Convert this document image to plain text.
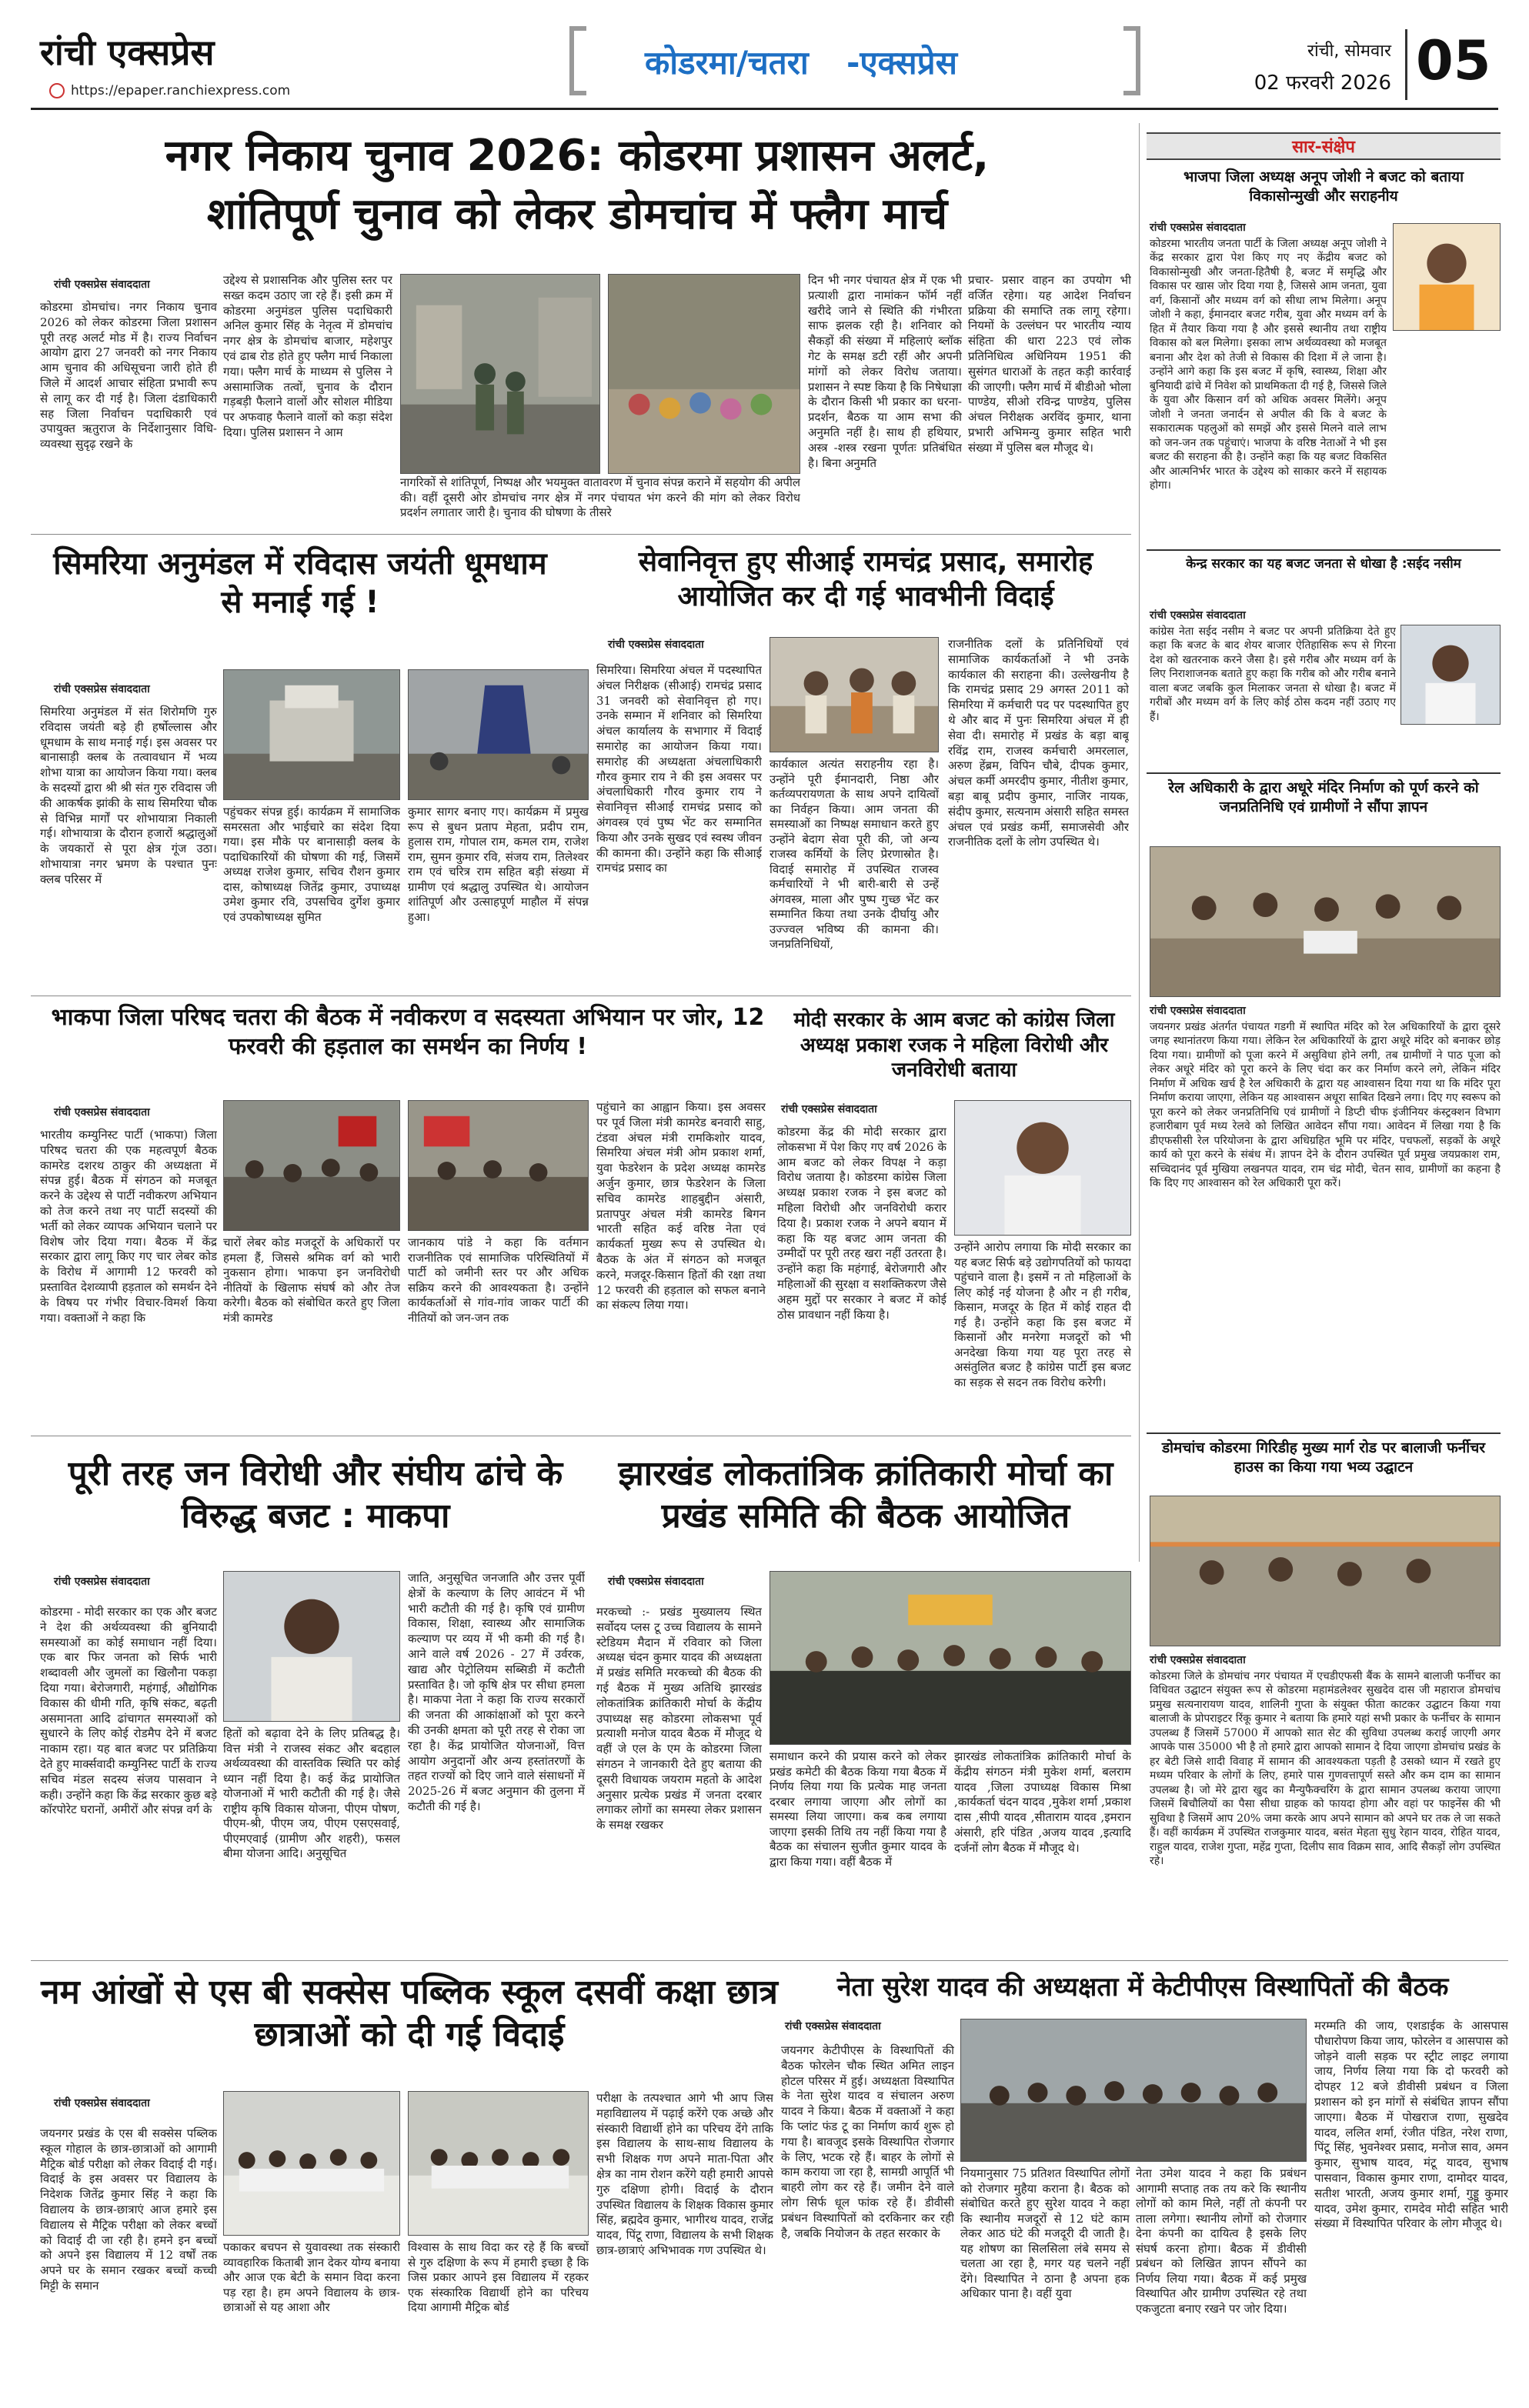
रांची एक्सप्रेस
https://epaper.ranchiexpress.com
कोडरमा/चतरा -एक्सप्रेस	रांची, सोमवार
02 फरवरी 2026 05
नगर निकाय चुनाव 2026: कोडरमा प्रशासन अलर्ट,
शांतिपूर्ण चुनाव को लेकर डोमचांच में फ्लैग मार्च
रांची एक्सप्रेस संवाददाता
कोडरमा डोमचांच। नगर निकाय चुनाव 2026 को लेकर कोडरमा जिला प्रशासन पूरी तरह अलर्ट मोड में है। राज्य निर्वाचन आयोग द्वारा 27 जनवरी को नगर निकाय आम चुनाव की अधिसूचना जारी होते ही जिले में आदर्श आचार संहिता प्रभावी रूप से लागू कर दी गई है। जिला दंडाधिकारी सह जिला निर्वाचन पदाधिकारी एवं उपायुक्त ऋतुराज के निर्देशानुसार विधि- व्यवस्था सुदृढ़ रखने के
उद्देश्य से प्रशासनिक और पुलिस स्तर पर सख्त कदम उठाए जा रहे हैं। इसी क्रम में कोडरमा अनुमंडल पुलिस पदाधिकारी अनिल कुमार सिंह के नेतृत्व में डोमचांच नगर क्षेत्र के डोमचांच बाजार, महेशपुर एवं ढाब रोड होते हुए फ्लैग मार्च निकाला गया। फ्लैग मार्च के माध्यम से पुलिस ने असामाजिक तत्वों, चुनाव के दौरान गड़बड़ी फैलाने वालों और सोशल मीडिया पर अफवाह फैलाने वालों को कड़ा संदेश दिया। पुलिस प्रशासन ने आम
नागरिकों से शांतिपूर्ण, निष्पक्ष और भयमुक्त वातावरण में चुनाव संपन्न कराने में सहयोग की अपील की। वहीं दूसरी ओर डोमचांच नगर क्षेत्र में नगर पंचायत भंग करने की मांग को लेकर विरोध प्रदर्शन लगातार जारी है। चुनाव की घोषणा के तीसरे
दिन भी नगर पंचायत क्षेत्र में एक भी प्रत्याशी द्वारा नामांकन फॉर्म नहीं खरीदे जाने से स्थिति की गंभीरता साफ झलक रही है। शनिवार को सैकड़ों की संख्या में महिलाएं ब्लॉक गेट के समक्ष डटी रहीं और अपनी मांगों को लेकर विरोध जताया। प्रशासन ने स्पष्ट किया है कि निषेधाज्ञा के दौरान किसी भी प्रकार का धरना-प्रदर्शन, बैठक या आम सभा की अनुमति नहीं है। साथ ही हथियार, अस्त्र -शस्त्र रखना पूर्णतः प्रतिबंधित है। बिना अनुमति
प्रचार- प्रसार वाहन का उपयोग भी वर्जित रहेगा। यह आदेश निर्वाचन प्रक्रिया की समाप्ति तक लागू रहेगा। नियमों के उल्लंघन पर भारतीय न्याय संहिता की धारा 223 एवं लोक प्रतिनिधित्व अधिनियम 1951 की सुसंगत धाराओं के तहत कड़ी कार्रवाई की जाएगी। फ्लैग मार्च में बीडीओ भोला पाण्डेय, सीओ रविन्द्र पाण्डेय, पुलिस अंचल निरीक्षक अरविंद कुमार, थाना प्रभारी अभिमन्यु कुमार सहित भारी संख्या में पुलिस बल मौजूद थे।
सिमरिया अनुमंडल में रविदास जयंती धूमधाम से मनाई गई !
रांची एक्सप्रेस संवाददाता
सिमरिया अनुमंडल में संत शिरोमणि गुरु रविदास जयंती बड़े ही हर्षोल्लास और धूमधाम के साथ मनाई गई। इस अवसर पर बानासाड़ी क्लब के तत्वावधान में भव्य शोभा यात्रा का आयोजन किया गया। क्लब के सदस्यों द्वारा श्री श्री संत गुरु रविदास जी की आकर्षक झांकी के साथ सिमरिया चौक से विभिन्न मार्गों पर शोभायात्रा निकाली गई। शोभायात्रा के दौरान हजारों श्रद्धालुओं के जयकारों से पूरा क्षेत्र गूंज उठा। शोभायात्रा नगर भ्रमण के पश्चात पुनः क्लब परिसर में
पहुंचकर संपन्न हुई। कार्यक्रम में सामाजिक समरसता और भाईचारे का संदेश दिया गया। इस मौके पर बानासाड़ी क्लब के पदाधिकारियों की घोषणा की गई, जिसमें अध्यक्ष राजेश कुमार, सचिव रौशन कुमार दास, कोषाध्यक्ष जितेंद्र कुमार, उपाध्यक्ष उमेश कुमार रवि, उपसचिव दुर्गेश कुमार एवं उपकोषाध्यक्ष सुमित
कुमार सागर बनाए गए। कार्यक्रम में प्रमुख रूप से बुधन प्रताप मेहता, प्रदीप राम, हुलास राम, गोपाल राम, कमल राम, राजेश राम, सुमन कुमार रवि, संजय राम, तिलेश्वर राम एवं चरित्र राम सहित बड़ी संख्या में ग्रामीण एवं श्रद्धालु उपस्थित थे। आयोजन शांतिपूर्ण और उत्साहपूर्ण माहौल में संपन्न हुआ।
सेवानिवृत्त हुए सीआई रामचंद्र प्रसाद, समारोह आयोजित कर दी गई भावभीनी विदाई
रांची एक्सप्रेस संवाददाता
सिमरिया। सिमरिया अंचल में पदस्थापित अंचल निरीक्षक (सीआई) रामचंद्र प्रसाद 31 जनवरी को सेवानिवृत्त हो गए। उनके सम्मान में शनिवार को सिमरिया अंचल कार्यालय के सभागार में विदाई समारोह का आयोजन किया गया। समारोह की अध्यक्षता अंचलाधिकारी गौरव कुमार राय ने की इस अवसर पर अंचलाधिकारी गौरव कुमार राय ने सेवानिवृत्त सीआई रामचंद्र प्रसाद को अंगवस्त्र एवं पुष्प भेंट कर सम्मानित किया और उनके सुखद एवं स्वस्थ जीवन की कामना की। उन्होंने कहा कि सीआई रामचंद्र प्रसाद का
कार्यकाल अत्यंत सराहनीय रहा है। उन्होंने पूरी ईमानदारी, निष्ठा और कर्तव्यपरायणता के साथ अपने दायित्वों का निर्वहन किया। आम जनता की समस्याओं का निष्पक्ष समाधान करते हुए उन्होंने बेदाग सेवा पूरी की, जो अन्य राजस्व कर्मियों के लिए प्रेरणास्रोत है। विदाई समारोह में उपस्थित राजस्व कर्मचारियों ने भी बारी-बारी से उन्हें अंगवस्त्र, माला और पुष्प गुच्छ भेंट कर सम्मानित किया तथा उनके दीर्घायु और उज्ज्वल भविष्य की कामना की। जनप्रतिनिधियों,
राजनीतिक दलों के प्रतिनिधियों एवं सामाजिक कार्यकर्ताओं ने भी उनके कार्यकाल की सराहना की। उल्लेखनीय है कि रामचंद्र प्रसाद 29 अगस्त 2011 को सिमरिया में कर्मचारी पद पर पदस्थापित हुए थे और बाद में पुनः सिमरिया अंचल में ही सेवा दी। समारोह में प्रखंड के बड़ा बाबू रविंद्र राम, राजस्व कर्मचारी अमरलाल, अरुण हेंब्रम, विपिन चौबे, दीपक कुमार, अंचल कर्मी अमरदीप कुमार, नीतीश कुमार, बड़ा बाबू प्रदीप कुमार, नाजिर नायक, संदीप कुमार, सत्यनाम अंसारी सहित समस्त अंचल एवं प्रखंड कर्मी, समाजसेवी और राजनीतिक दलों के लोग उपस्थित थे।
भाकपा जिला परिषद चतरा की बैठक में नवीकरण व सदस्यता अभियान पर जोर, 12 फरवरी की हड़ताल का समर्थन का निर्णय !
रांची एक्सप्रेस संवाददाता
भारतीय कम्युनिस्ट पार्टी (भाकपा) जिला परिषद चतरा की एक महत्वपूर्ण बैठक कामरेड दशरथ ठाकुर की अध्यक्षता में संपन्न हुई। बैठक में संगठन को मजबूत करने के उद्देश्य से पार्टी नवीकरण अभियान को तेज करने तथा नए पार्टी सदस्यों की भर्ती को लेकर व्यापक अभियान चलाने पर विशेष जोर दिया गया। बैठक में केंद्र सरकार द्वारा लागू किए गए चार लेबर कोड के विरोध में आगामी 12 फरवरी को प्रस्तावित देशव्यापी हड़ताल को समर्थन देने के विषय पर गंभीर विचार-विमर्श किया गया। वक्ताओं ने कहा कि
चारों लेबर कोड मजदूरों के अधिकारों पर हमला हैं, जिससे श्रमिक वर्ग को भारी नुकसान होगा। भाकपा इन जनविरोधी नीतियों के खिलाफ संघर्ष को और तेज करेगी। बैठक को संबोधित करते हुए जिला मंत्री कामरेड
जानकाय पांडे ने कहा कि वर्तमान राजनीतिक एवं सामाजिक परिस्थितियों में पार्टी को जमीनी स्तर पर और अधिक सक्रिय करने की आवश्यकता है। उन्होंने कार्यकर्ताओं से गांव-गांव जाकर पार्टी की नीतियों को जन-जन तक
पहुंचाने का आह्वान किया। इस अवसर पर पूर्व जिला मंत्री कामरेड बनवारी साहु, टंडवा अंचल मंत्री रामकिशोर यादव, सिमरिया अंचल मंत्री ओम प्रकाश शर्मा, युवा फेडरेशन के प्रदेश अध्यक्ष कामरेड अर्जुन कुमार, छात्र फेडरेशन के जिला सचिव कामरेड शाहबुद्दीन अंसारी, प्रतापपुर अंचल मंत्री कामरेड बिगन भारती सहित कई वरिष्ठ नेता एवं कार्यकर्ता मुख्य रूप से उपस्थित थे। बैठक के अंत में संगठन को मजबूत करने, मजदूर-किसान हितों की रक्षा तथा 12 फरवरी की हड़ताल को सफल बनाने का संकल्प लिया गया।
मोदी सरकार के आम बजट को कांग्रेस जिला अध्यक्ष प्रकाश रजक ने महिला विरोधी और जनविरोधी बताया
रांची एक्सप्रेस संवाददाता
कोडरमा केंद्र की मोदी सरकार द्वारा लोकसभा में पेश किए गए वर्ष 2026 के आम बजट को लेकर विपक्ष ने कड़ा विरोध जताया है। कोडरमा कांग्रेस जिला अध्यक्ष प्रकाश रजक ने इस बजट को महिला विरोधी और जनविरोधी करार दिया है। प्रकाश रजक ने अपने बयान में कहा कि यह बजट आम जनता की उम्मीदों पर पूरी तरह खरा नहीं उतरता है। उन्होंने कहा कि महंगाई, बेरोजगारी और महिलाओं की सुरक्षा व सशक्तिकरण जैसे अहम मुद्दों पर सरकार ने बजट में कोई ठोस प्रावधान नहीं किया है।
उन्होंने आरोप लगाया कि मोदी सरकार का यह बजट सिर्फ बड़े उद्योगपतियों को फायदा पहुंचाने वाला है। इसमें न तो महिलाओं के लिए कोई नई योजना है और न ही गरीब, किसान, मजदूर के हित में कोई राहत दी गई है। उन्होंने कहा कि इस बजट में किसानों और मनरेगा मजदूरों को भी अनदेखा किया गया यह पूरा तरह से असंतुलित बजट है कांग्रेस पार्टी इस बजट का सड़क से सदन तक विरोध करेगी।
सार-संक्षेप
भाजपा जिला अध्यक्ष अनूप जोशी ने बजट को बताया विकासोन्मुखी और सराहनीय
रांची एक्सप्रेस संवाददाता
कोडरमा भारतीय जनता पार्टी के जिला अध्यक्ष अनूप जोशी ने केंद्र सरकार द्वारा पेश किए गए नए केंद्रीय बजट को विकासोन्मुखी और जनता-हितैषी है, बजट में समृद्धि और विकास पर खास जोर दिया गया है, जिससे आम जनता, युवा वर्ग, किसानों और मध्यम वर्ग को सीधा लाभ मिलेगा। अनूप जोशी ने कहा, ईमानदार बजट गरीब, युवा और मध्यम वर्ग के हित में तैयार किया गया है और इससे स्थानीय तथा राष्ट्रीय विकास को बल मिलेगा। इसका लाभ अर्थव्यवस्था को मजबूत बनाना और देश को तेजी से विकास की दिशा में ले जाना है। उन्होंने आगे कहा कि इस बजट में कृषि, स्वास्थ्य, शिक्षा और बुनियादी ढांचे में निवेश को प्राथमिकता दी गई है, जिससे जिले के युवा और किसान वर्ग को अधिक अवसर मिलेंगे। अनूप जोशी ने जनता जनार्दन से अपील की कि वे बजट के सकारात्मक पहलुओं को समझें और इससे मिलने वाले लाभ को जन-जन तक पहुंचाएं। भाजपा के वरिष्ठ नेताओं ने भी इस बजट की सराहना की है। उन्होंने कहा कि यह बजट विकसित और आत्मनिर्भर भारत के उद्देश्य को साकार करने में सहायक होगा।
केन्द्र सरकार का यह बजट जनता से धोखा है :सईद नसीम
रांची एक्सप्रेस संवाददाता
कांग्रेस नेता सईद नसीम ने बजट पर अपनी प्रतिक्रिया देते हुए कहा कि बजट के बाद शेयर बाजार ऐतिहासिक रूप से गिरना देश को खतरनाक करने जैसा है। इसे गरीब और मध्यम वर्ग के लिए निराशाजनक बताते हुए कहा कि गरीब को और गरीब बनाने वाला बजट जबकि कुल मिलाकर जनता से धोखा है। बजट में गरीबों और मध्यम वर्ग के लिए कोई ठोस कदम नहीं उठाए गए हैं।
रेल अधिकारी के द्वारा अधूरे मंदिर निर्माण को पूर्ण करने को जनप्रतिनिधि एवं ग्रामीणों ने सौंपा ज्ञापन
रांची एक्सप्रेस संवाददाता
जयनगर प्रखंड अंतर्गत पंचायत गडगी में स्थापित मंदिर को रेल अधिकारियों के द्वारा दूसरे जगह स्थानांतरण किया गया। लेकिन रेल अधिकारियों के द्वारा अधूरे मंदिर को बनाकर छोड़ दिया गया। ग्रामीणों को पूजा करने में असुविधा होने लगी, तब ग्रामीणों ने पाठ पूजा को लेकर अधूरे मंदिर को पूरा करने के लिए चंदा कर कर निर्माण करने लगे, लेकिन मंदिर निर्माण में अधिक खर्च है रेल अधिकारी के द्वारा यह आश्वासन दिया गया था कि मंदिर पूरा निर्माण कराया जाएगा, लेकिन यह आश्वासन अधूरा साबित दिखने लगा। दिए गए स्वरूप को पूरा करने को लेकर जनप्रतिनिधि एवं ग्रामीणों ने डिप्टी चीफ इंजीनियर कंस्ट्रक्शन विभाग हजारीबाग पूर्व मध्य रेलवे को लिखित आवेदन सौंपा गया। आवेदन में लिखा गया है कि डीएफसीसी रेल परियोजना के द्वारा अधिग्रहित भूमि पर मंदिर, पचफलों, सड़कों के अधूरे कार्य को पूरा करने के संबंध में। ज्ञापन देने के दौरान उपस्थित पूर्व प्रमुख जयप्रकाश राम, सच्चिदानंद पूर्व मुखिया लखनपत यादव, राम चंद्र मोदी, चेतन साव, ग्रामीणों का कहना है कि दिए गए आश्वासन को रेल अधिकारी पूरा करें।
डोमचांच कोडरमा गिरिडीह मुख्य मार्ग रोड पर बालाजी फर्नीचर हाउस का किया गया भव्य उद्घाटन
रांची एक्सप्रेस संवाददाता
कोडरमा जिले के डोमचांच नगर पंचायत में एचडीएफसी बैंक के सामने बालाजी फर्नीचर का विधिवत उद्घाटन संयुक्त रूप से कोडरमा महामंडलेश्वर सुखदेव दास जी महाराज डोमचांच प्रमुख सत्यनारायण यादव, शालिनी गुप्ता के संयुक्त फीता काटकर उद्घाटन किया गया बालाजी के प्रोपराइटर रिंकू कुमार ने बताया कि हमारे यहां सभी प्रकार के फर्नीचर के सामान उपलब्ध हैं जिसमें 57000 में आपको सात सेट की सुविधा उपलब्ध कराई जाएगी अगर आपके पास 35000 भी है तो हमारे द्वारा आपको सामान दे दिया जाएगा डोमचांच प्रखंड के हर बेटी जिसे शादी विवाह में सामान की आवश्यकता पड़ती है उसको ध्यान में रखते हुए मध्यम परिवार के लोगों के लिए, हमारे पास गुणवत्तापूर्ण सस्ते और कम दाम का सामान उपलब्ध है। जो मेरे द्वारा खुद का मैन्युफैक्चरिंग के द्वारा सामान उपलब्ध कराया जाएगा जिसमें बिचौलियों का पैसा सीधा ग्राहक को फायदा होगा और वहां पर फाइनेंस की भी सुविधा है जिसमें आप 20% जमा करके आप अपने सामान को अपने घर तक ले जा सकते हैं। वहीं कार्यक्रम में उपस्थित राजकुमार यादव, बसंत मेहता सुधु रेहान यादव, रोहित यादव, राहुल यादव, राजेश गुप्ता, महेंद्र गुप्ता, दिलीप साव विक्रम साव, आदि सैकड़ों लोग उपस्थित रहे।
पूरी तरह जन विरोधी और संघीय ढांचे के विरुद्ध बजट : माकपा
रांची एक्सप्रेस संवाददाता
कोडरमा - मोदी सरकार का एक और बजट ने देश की अर्थव्यवस्था की बुनियादी समस्याओं का कोई समाधान नहीं दिया। एक बार फिर जनता को सिर्फ भारी शब्दावली और जुमलों का खिलौना पकड़ा दिया गया। बेरोजगारी, महंगाई, औद्योगिक विकास की धीमी गति, कृषि संकट, बढ़ती असमानता आदि ढांचागत समस्याओं को सुधारने के लिए कोई रोडमैप देने में बजट नाकाम रहा। यह बात बजट पर प्रतिक्रिया देते हुए मार्क्सवादी कम्युनिस्ट पार्टी के राज्य सचिव मंडल सदस्य संजय पासवान ने कही। उन्होंने कहा कि केंद्र सरकार कुछ बड़े कॉरपोरेट घरानों, अमीरों और संपन्न वर्ग के
हितों को बढ़ावा देने के लिए प्रतिबद्ध है। वित्त मंत्री ने राजस्व संकट और बदहाल अर्थव्यवस्था की वास्तविक स्थिति पर कोई ध्यान नहीं दिया है। कई केंद्र प्रायोजित योजनाओं में भारी कटौती की गई है। जैसे राष्ट्रीय कृषि विकास योजना, पीएम पोषण, पीएम-श्री, पीएम जय, पीएम एसएसवाई, पीएमएवाई (ग्रामीण और शहरी), फसल बीमा योजना आदि। अनुसूचित
जाति, अनुसूचित जनजाति और उत्तर पूर्वी क्षेत्रों के कल्याण के लिए आवंटन में भी भारी कटौती की गई है। कृषि एवं ग्रामीण विकास, शिक्षा, स्वास्थ्य और सामाजिक कल्याण पर व्यय में भी कमी की गई है। आने वाले वर्ष 2026 - 27 में उर्वरक, खाद्य और पेट्रोलियम सब्सिडी में कटौती प्रस्तावित है। जो कृषि क्षेत्र पर सीधा हमला है। माकपा नेता ने कहा कि राज्य सरकारों की जनता की आकांक्षाओं को पूरा करने की उनकी क्षमता को पूरी तरह से रोका जा रहा है। केंद्र प्रायोजित योजनाओं, वित्त आयोग अनुदानों और अन्य हस्तांतरणों के तहत राज्यों को दिए जाने वाले संसाधनों में 2025-26 में बजट अनुमान की तुलना में कटौती की गई है।
झारखंड लोकतांत्रिक क्रांतिकारी मोर्चा का प्रखंड समिति की बैठक आयोजित
रांची एक्सप्रेस संवाददाता
मरकच्चो :- प्रखंड मुख्यालय स्थित सर्वोदय प्लस टू उच्च विद्यालय के सामने स्टेडियम मैदान में रविवार को जिला अध्यक्ष चंदन कुमार यादव की अध्यक्षता में प्रखंड समिति मरकच्चो की बैठक की गई बैठक में मुख्य अतिथि झारखंड लोकतांत्रिक क्रांतिकारी मोर्चा के केंद्रीय उपाध्यक्ष सह कोडरमा लोकसभा पूर्व प्रत्याशी मनोज यादव बैठक में मौजूद थे वहीं जे एल के एम के कोडरमा जिला संगठन ने जानकारी देते हुए बताया की दूसरी विधायक जयराम महतो के आदेश अनुसार प्रत्येक प्रखंड में जनता दरबार लगाकर लोगों का समस्या लेकर प्रशासन के समक्ष रखकर
समाधान करने की प्रयास करने को लेकर प्रखंड कमेटी की बैठक किया गया बैठक में निर्णय लिया गया कि प्रत्येक माह जनता दरबार लगाया जाएगा और लोगों का समस्या लिया जाएगा। कब कब लगाया जाएगा इसकी तिथि तय नहीं किया गया है बैठक का संचालन सुजीत कुमार यादव के द्वारा किया गया। वहीं बैठक में
झारखंड लोकतांत्रिक क्रांतिकारी मोर्चा के केंद्रीय संगठन मंत्री मुकेश शर्मा, बलराम यादव ,जिला उपाध्यक्ष विकास मिश्रा ,कार्यकर्ता चंदन यादव ,मुकेश शर्मा ,प्रकाश दास ,सीपी यादव ,सीताराम यादव ,इमरान अंसारी, हरि पंडित ,अजय यादव ,इत्यादि दर्जनों लोग बैठक में मौजूद थे।
नम आंखों से एस बी सक्सेस पब्लिक स्कूल दसवीं कक्षा छात्र छात्राओं को दी गई विदाई
रांची एक्सप्रेस संवाददाता
जयनगर प्रखंड के एस बी सक्सेस पब्लिक स्कूल गोहाल के छात्र-छात्राओं को आगामी मैट्रिक बोर्ड परीक्षा को लेकर विदाई दी गई। विदाई के इस अवसर पर विद्यालय के निदेशक जितेंद्र कुमार सिंह ने कहा कि विद्यालय के छात्र-छात्राएं आज हमारे इस विद्यालय से मैट्रिक परीक्षा को लेकर बच्चों को विदाई दी जा रही है। हमने इन बच्चों को अपने इस विद्यालय में 12 वर्षों तक अपने घर के समान रखकर बच्चों कच्ची मिट्टी के समान
पकाकर बचपन से युवावस्था तक संस्कारी व्यावहारिक किताबी ज्ञान देकर योग्य बनाया और आज एक बेटी के समान विदा करना पड़ रहा है। हम अपने विद्यालय के छात्र-छात्राओं से यह आशा और
विश्वास के साथ विदा कर रहे हैं कि बच्चों से गुरु दक्षिणा के रूप में हमारी इच्छा है कि जिस प्रकार आपने इस विद्यालय में रहकर एक संस्कारिक विद्यार्थी होने का परिचय दिया आगामी मैट्रिक बोर्ड
परीक्षा के तत्पश्चात आगे भी आप जिस महाविद्यालय में पढ़ाई करेंगे एक अच्छे और संस्कारी विद्यार्थी होने का परिचय देंगे ताकि इस विद्यालय के साथ-साथ विद्यालय के सभी शिक्षक गण अपने माता-पिता और क्षेत्र का नाम रोशन करेंगे यही हमारी आपसे गुरु दक्षिणा होगी। विदाई के दौरान उपस्थित विद्यालय के शिक्षक विकास कुमार सिंह, ब्रह्मदेव कुमार, भागीरथ यादव, राजेंद्र यादव, पिंटू राणा, विद्यालय के सभी शिक्षक छात्र-छात्राएं अभिभावक गण उपस्थित थे।
नेता सुरेश यादव की अध्यक्षता में केटीपीएस विस्थापितों की बैठक
रांची एक्सप्रेस संवाददाता
जयनगर केटीपीएस के विस्थापितों की बैठक फोरलेन चौक स्थित अमित लाइन होटल परिसर में हुई। अध्यक्षता विस्थापित के नेता सुरेश यादव व संचालन अरुण यादव ने किया। बैठक में वक्ताओं ने कहा कि प्लांट फंड टू का निर्माण कार्य शुरू हो गया है। बावजूद इसके विस्थापित रोजगार के लिए, भटक रहे हैं। बाहर के लोगों से काम कराया जा रहा है, सामग्री आपूर्ति भी बाहरी लोग कर रहे हैं। जमीन देने वाले लोग सिर्फ धूल फांक रहे हैं। डीवीसी प्रबंधन विस्थापितों को दरकिनार कर रही है, जबकि नियोजन के तहत सरकार के
नियमानुसार 75 प्रतिशत विस्थापित लोगों को रोजगार मुहैया कराना है। बैठक को संबोधित करते हुए सुरेश यादव ने कहा कि स्थानीय मजदूरों से 12 घंटे काम लेकर आठ घंटे की मजदूरी दी जाती है। यह शोषण का सिलसिला लंबे समय से चलता आ रहा है, मगर यह चलने नहीं देंगे। विस्थापित ने ठाना है अपना हक अधिकार पाना है। वहीं युवा
नेता उमेश यादव ने कहा कि प्रबंधन आगामी सप्ताह तक तय करे कि स्थानीय लोगों को काम मिले, नहीं तो कंपनी पर ताला लगेगा। स्थानीय लोगों को रोजगार देना कंपनी का दायित्व है इसके लिए संघर्ष करना होगा। बैठक में डीवीसी प्रबंधन को लिखित ज्ञापन सौंपने का निर्णय लिया गया। बैठक में कई प्रमुख विस्थापित और ग्रामीण उपस्थित रहे तथा एकजुटता बनाए रखने पर जोर दिया।
मरम्मति की जाय, एशडाईक के आसपास पौधारोपण किया जाय, फोरलेन व आसपास को जोड़ने वाली सड़क पर स्ट्रीट लाइट लगाया जाय, निर्णय लिया गया कि दो फरवरी को दोपहर 12 बजे डीवीसी प्रबंधन व जिला प्रशासन को इन मांगों से संबंधित ज्ञापन सौंपा जाएगा। बैठक में पोखराज राणा, सुखदेव यादव, ललित शर्मा, रंजीत पंडित, नरेश राणा, पिंटू सिंह, भुवनेश्वर प्रसाद, मनोज साव, अमन कुमार, सुभाष यादव, मंटू यादव, सुभाष पासवान, विकास कुमार राणा, दामोदर यादव, सतीश भारती, अजय कुमार शर्मा, गुड्डू कुमार यादव, उमेश कुमार, रामदेव मोदी सहित भारी संख्या में विस्थापित परिवार के लोग मौजूद थे।
